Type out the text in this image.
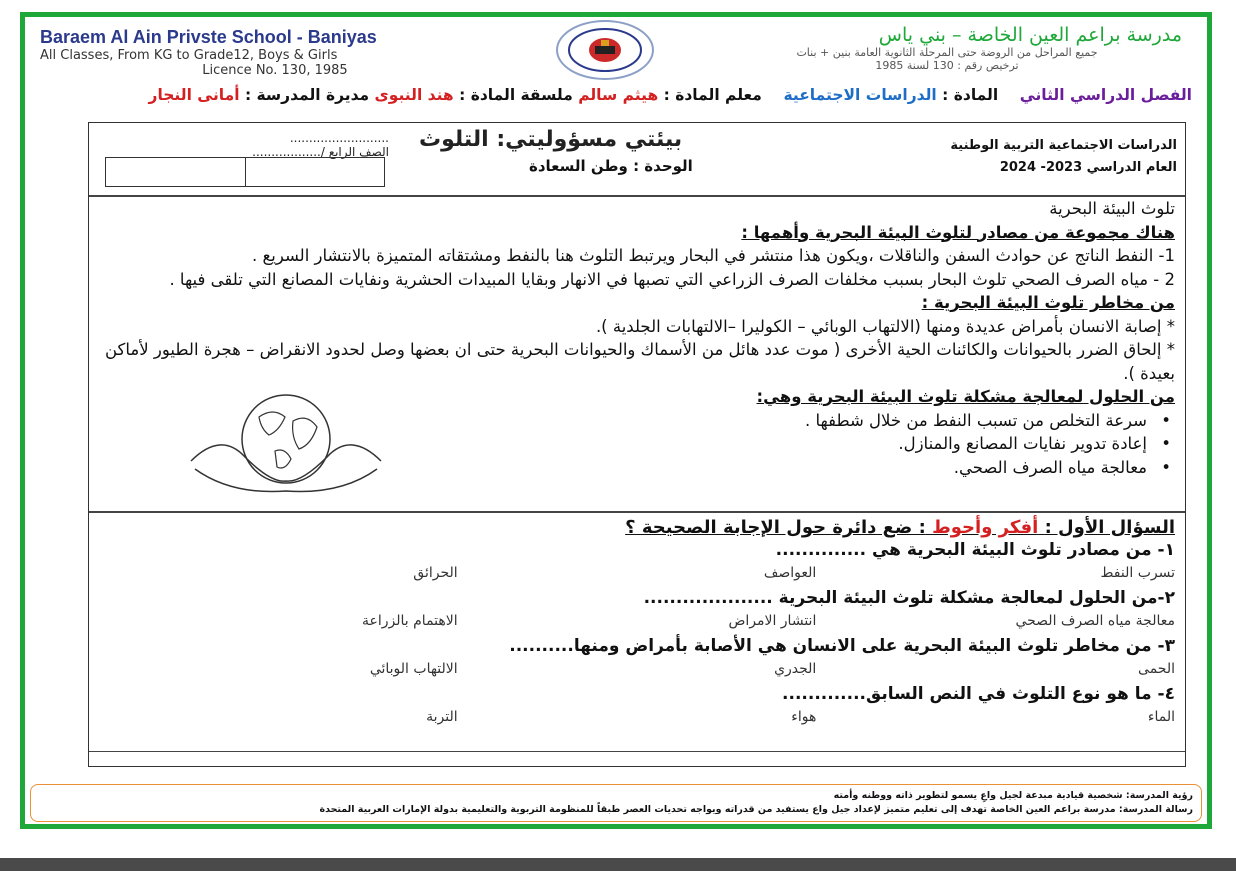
Baraem Al Ain Privste School - Baniyas
All Classes, From KG to Grade12, Boys & Girls
Licence No. 130, 1985
مدرسة براعم العين الخاصة – بني ياس
جميع المراحل من الروضة حتى المرحلة الثانوية العامة بنين + بنات
ترخيص رقم : 130 لسنة 1985
الفصل الدراسي الثاني    المادة : الدراسات الاجتماعية    معلم المادة : هيثم سالم ملسقة المادة : هند النبوى مديرة المدرسة : أمانى النجار
..........................
الصف الرابع /.................. بيئتي مسؤوليتي: التلوث
الوحدة : وطن السعادة
الدراسات الاجتماعية التربية الوطنية
العام الدراسي 2023- 2024

تلوث البيئة البحرية

هناك مجموعة من مصادر لتلوث البيئة البحرية وأهمها :

1- النفط الناتج عن حوادث السفن والناقلات ،ويكون هذا منتشر في البحار ويرتبط التلوث هنا بالنفط ومشتقاته المتميزة بالانتشار السريع .

2 - مياه الصرف الصحي تلوث البحار بسبب مخلفات الصرف الزراعي التي تصبها في الانهار وبقايا المبيدات الحشرية ونفايات المصانع التي تلقى فيها .

من مخاطر تلوث البيئة البحرية :

* إصابة الانسان بأمراض عديدة ومنها (الالتهاب الوبائي – الكوليرا –الالتهابات الجلدية ).

* إلحاق الضرر بالحيوانات والكائنات الحية الأخرى ( موت عدد هائل من الأسماك والحيوانات البحرية حتى ان بعضها وصل لحدود الانقراض – هجرة الطيور لأماكن بعيدة ).

من الحلول لمعالجة مشكلة تلوث البيئة البحرية وهي:

• سرعة التخلص من تسبب النفط من خلال شطفها .
• إعادة تدوير نفايات المصانع والمنازل.
• معالجة مياه الصرف الصحي.
السؤال الأول : أفكر وأحوط : ضع دائرة حول الإجابة الصحيحة ؟
١- من مصادر تلوث البيئة البحرية هي ..............
تسرب النفط
العواصف
الحرائق
٢-من الحلول لمعالجة مشكلة تلوث البيئة البحرية ....................
معالجة مياه الصرف الصحي
انتشار الامراض
الاهتمام بالزراعة
٣- من مخاطر تلوث البيئة البحرية على الانسان هي الأصابة بأمراض ومنها..........
الحمى
الجدري
الالتهاب الوبائي
٤- ما هو نوع التلوث في النص السابق.............
الماء
هواء
التربة
رؤية المدرسة: شخصية قيادية مبدعة لجيل واعِ يسمو لتطوير ذاته ووطنه وأمته
رسالة المدرسة: مدرسة براعم العين الخاصة تهدف إلى تعليم متميز لإعداد جيل واع يستفيد من قدراته ويواجه تحديات العصر طبقاً للمنظومة التربوية والتعليمية بدولة الإمارات العربية المتحدة
